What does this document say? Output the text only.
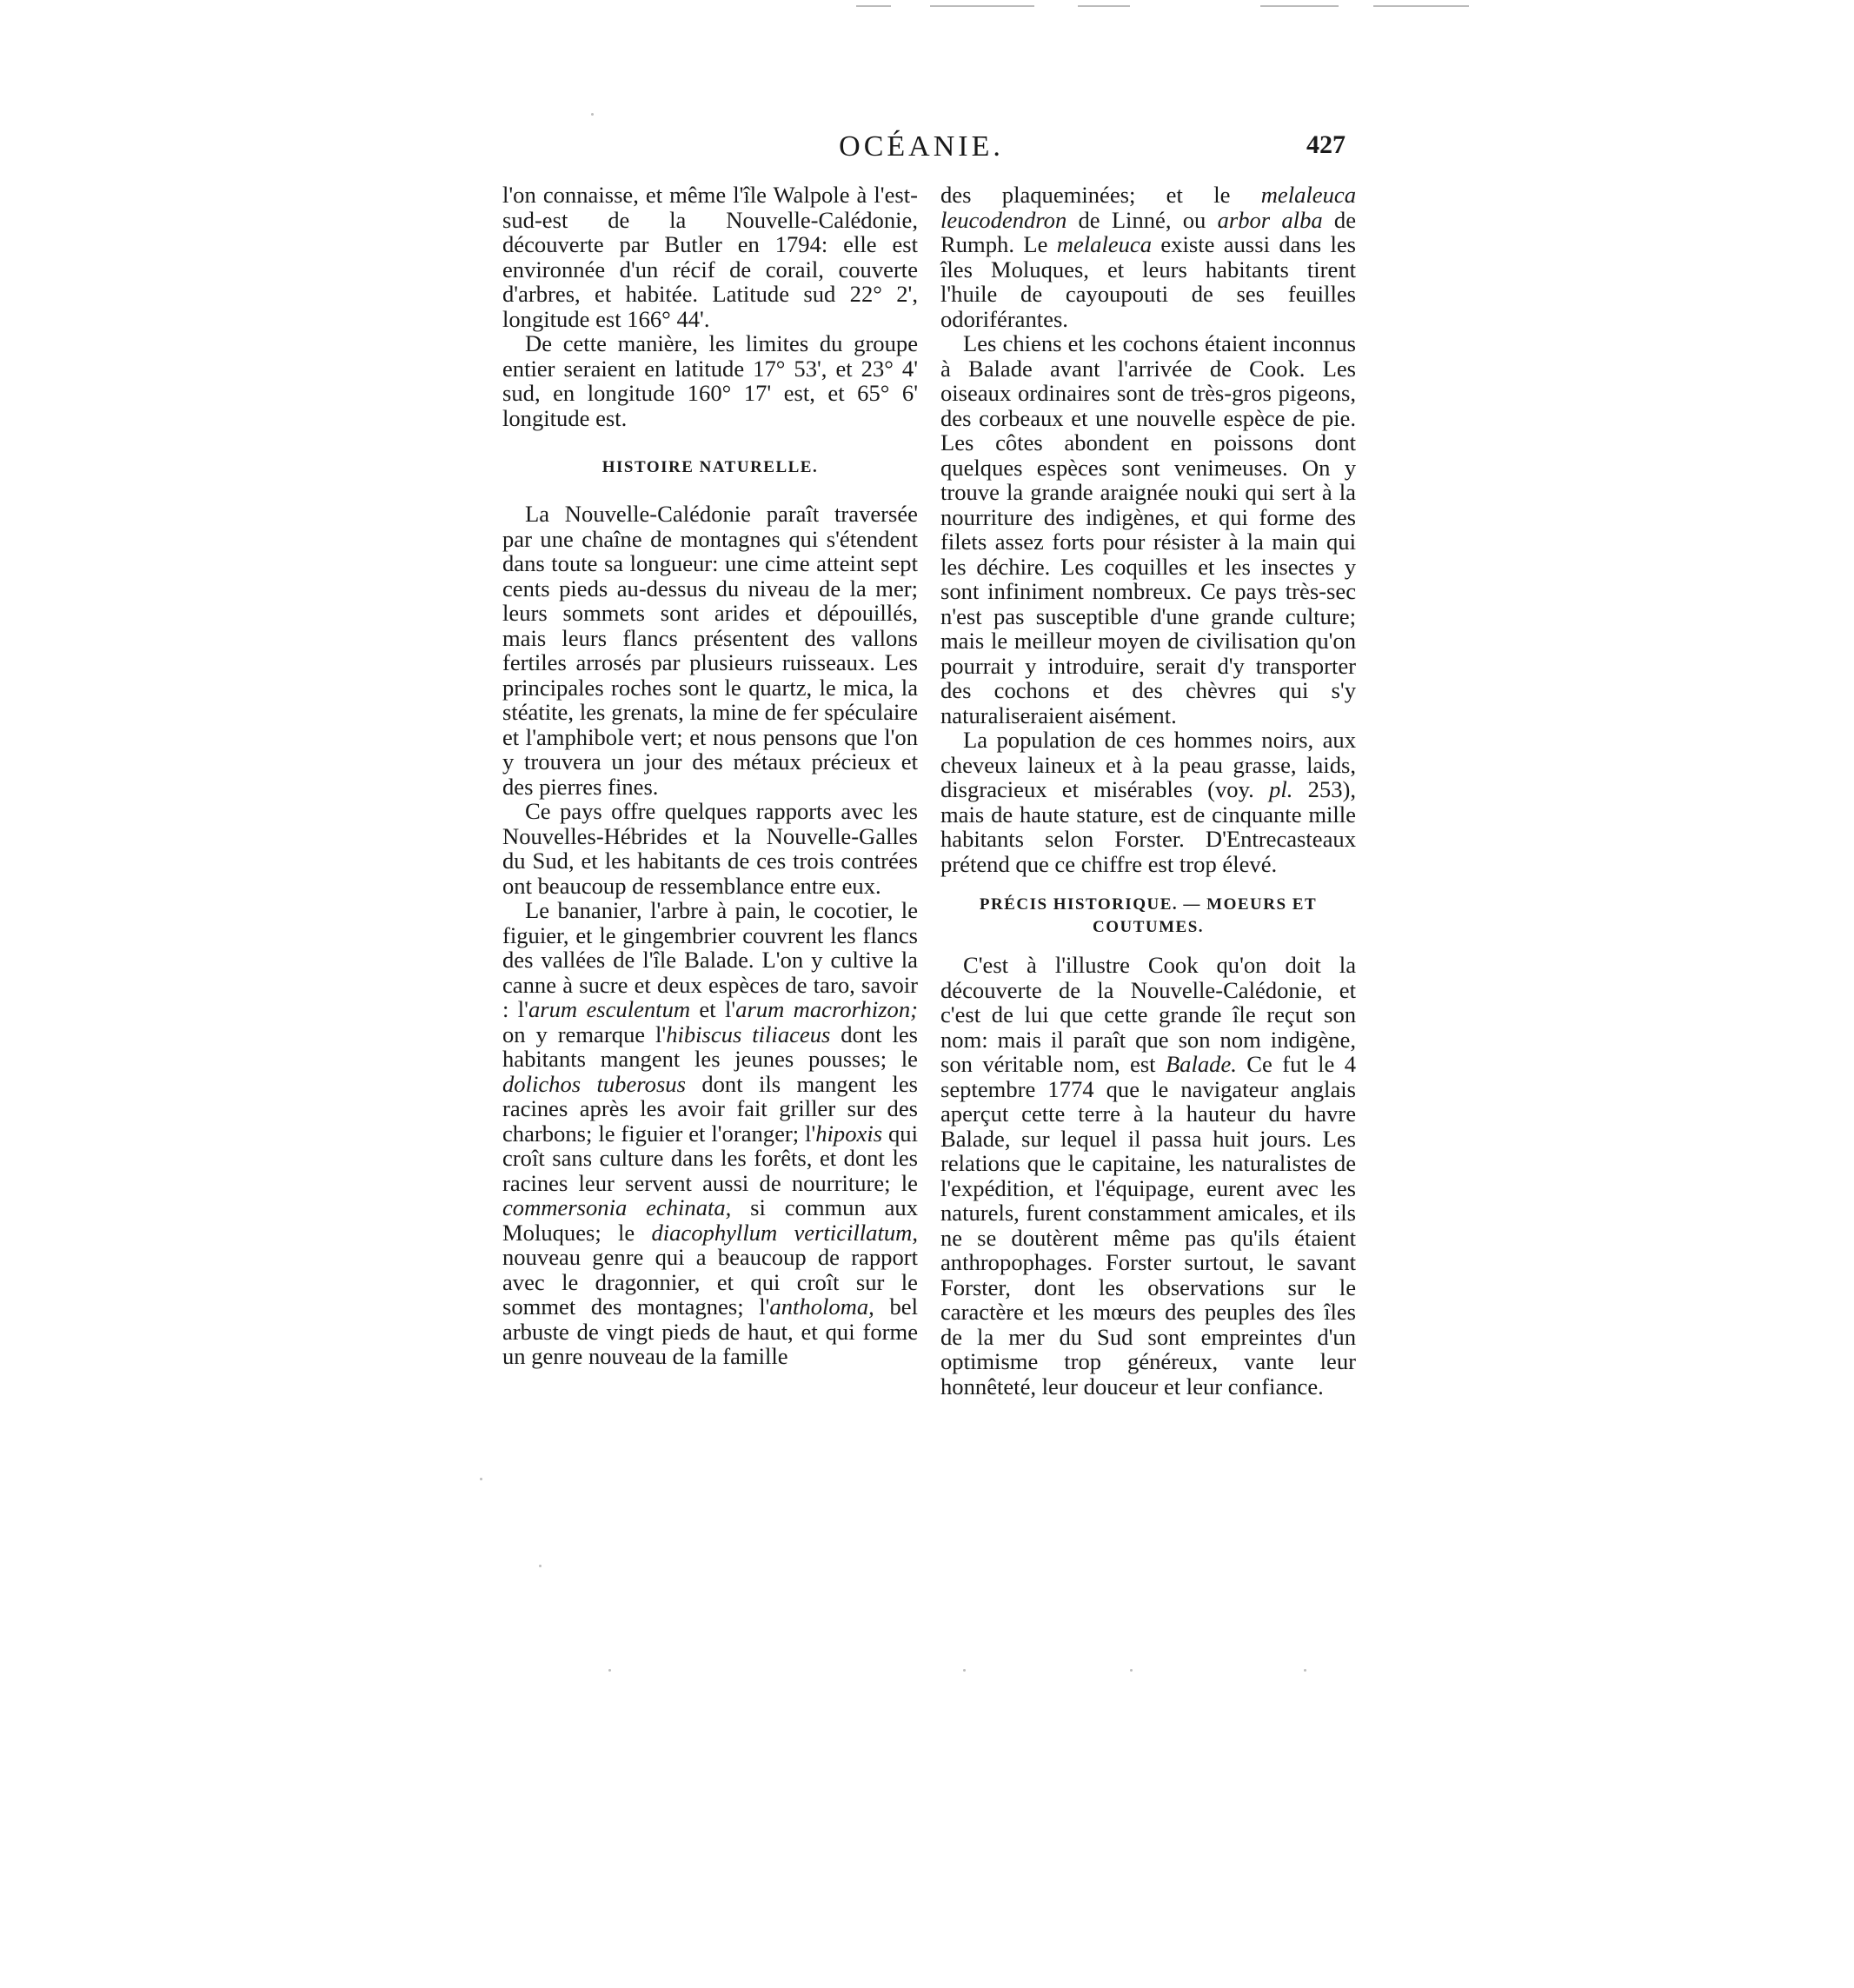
OCÉANIE.	427

l'on connaisse, et même l'île Walpole à l'est-sud-est de la Nouvelle-Calédonie, découverte par Butler en 1794: elle est environnée d'un récif de corail, couverte d'arbres, et habitée. Latitude sud 22° 2', longitude est 166° 44'.

De cette manière, les limites du groupe entier seraient en latitude 17° 53', et 23° 4' sud, en longitude 160° 17' est, et 65° 6' longitude est.

HISTOIRE NATURELLE.

La Nouvelle-Calédonie paraît traversée par une chaîne de montagnes qui s'étendent dans toute sa longueur: une cime atteint sept cents pieds au-dessus du niveau de la mer; leurs sommets sont arides et dépouillés, mais leurs flancs présentent des vallons fertiles arrosés par plusieurs ruisseaux. Les principales roches sont le quartz, le mica, la stéatite, les grenats, la mine de fer spéculaire et l'amphibole vert; et nous pensons que l'on y trouvera un jour des métaux précieux et des pierres fines.

Ce pays offre quelques rapports avec les Nouvelles-Hébrides et la Nouvelle-Galles du Sud, et les habitants de ces trois contrées ont beaucoup de ressemblance entre eux.

Le bananier, l'arbre à pain, le cocotier, le figuier, et le gingembrier couvrent les flancs des vallées de l'île Balade. L'on y cultive la canne à sucre et deux espèces de taro, savoir : l'arum esculentum et l'arum macrorhizon; on y remarque l'hibiscus tiliaceus dont les habitants mangent les jeunes pousses; le dolichos tuberosus dont ils mangent les racines après les avoir fait griller sur des charbons; le figuier et l'oranger; l'hipoxis qui croît sans culture dans les forêts, et dont les racines leur servent aussi de nourriture; le commersonia echinata, si commun aux Moluques; le diacophyllum verticillatum, nouveau genre qui a beaucoup de rapport avec le dragonnier, et qui croît sur le sommet des montagnes; l'antholoma, bel arbuste de vingt pieds de haut, et qui forme un genre nouveau de la famille

des plaqueminées; et le melaleuca leucodendron de Linné, ou arbor alba de Rumph. Le melaleuca existe aussi dans les îles Moluques, et leurs habitants tirent l'huile de cayoupouti de ses feuilles odoriférantes.

Les chiens et les cochons étaient inconnus à Balade avant l'arrivée de Cook. Les oiseaux ordinaires sont de très-gros pigeons, des corbeaux et une nouvelle espèce de pie. Les côtes abondent en poissons dont quelques espèces sont venimeuses. On y trouve la grande araignée nouki qui sert à la nourriture des indigènes, et qui forme des filets assez forts pour résister à la main qui les déchire. Les coquilles et les insectes y sont infiniment nombreux. Ce pays très-sec n'est pas susceptible d'une grande culture; mais le meilleur moyen de civilisation qu'on pourrait y introduire, serait d'y transporter des cochons et des chèvres qui s'y naturaliseraient aisément.

La population de ces hommes noirs, aux cheveux laineux et à la peau grasse, laids, disgracieux et misérables (voy. pl. 253), mais de haute stature, est de cinquante mille habitants selon Forster. D'Entrecasteaux prétend que ce chiffre est trop élevé.

PRÉCIS HISTORIQUE. — MOEURS ET COUTUMES.

C'est à l'illustre Cook qu'on doit la découverte de la Nouvelle-Calédonie, et c'est de lui que cette grande île reçut son nom: mais il paraît que son nom indigène, son véritable nom, est Balade. Ce fut le 4 septembre 1774 que le navigateur anglais aperçut cette terre à la hauteur du havre Balade, sur lequel il passa huit jours. Les relations que le capitaine, les naturalistes de l'expédition, et l'équipage, eurent avec les naturels, furent constamment amicales, et ils ne se doutèrent même pas qu'ils étaient anthropophages. Forster surtout, le savant Forster, dont les observations sur le caractère et les mœurs des peuples des îles de la mer du Sud sont empreintes d'un optimisme trop généreux, vante leur honnêteté, leur douceur et leur confiance.
